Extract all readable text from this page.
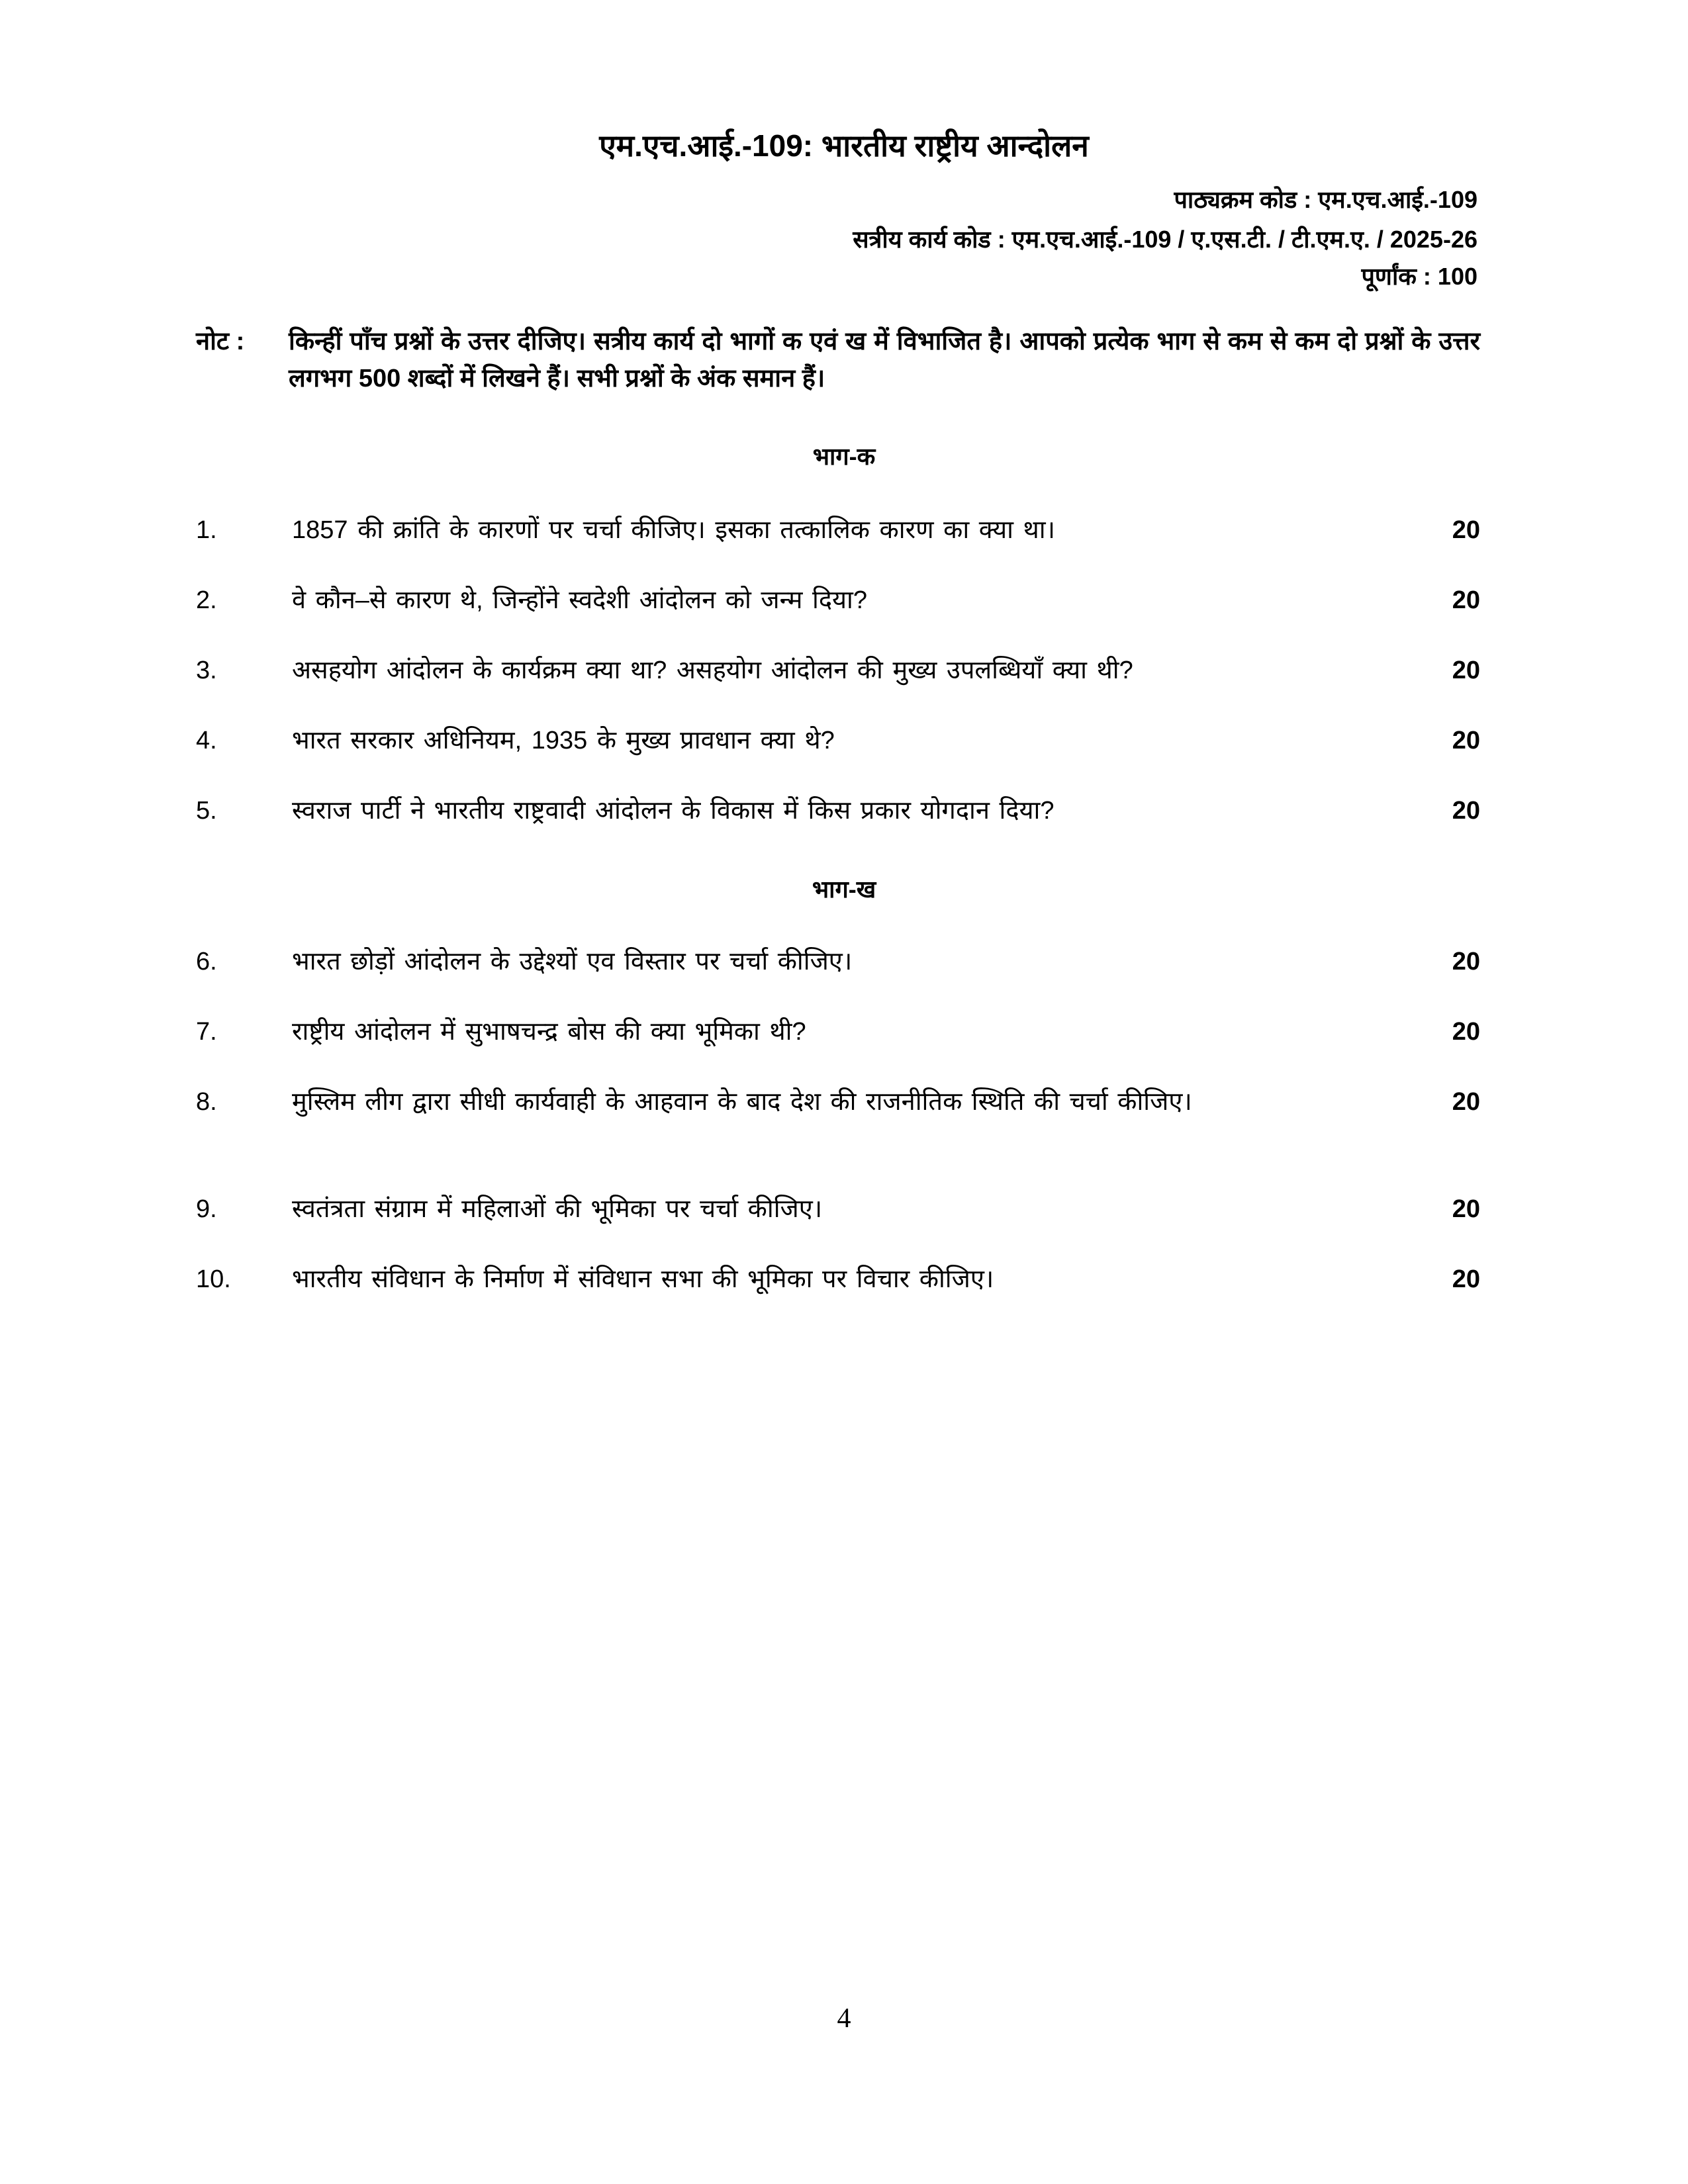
एम.एच.आई.-109: भारतीय राष्ट्रीय आन्दोलन
पाठ्यक्रम कोड : एम.एच.आई.-109
सत्रीय कार्य कोड : एम.एच.आई.-109 / ए.एस.टी. / टी.एम.ए. / 2025-26
पूर्णांक : 100
नोट :	किन्हीं पाँच प्रश्नों के उत्तर दीजिए। सत्रीय कार्य दो भागों क एवं ख में विभाजित है। आपको प्रत्येक भाग से कम से कम दो प्रश्नों के उत्तर लगभग 500 शब्दों में लिखने हैं। सभी प्रश्नों के अंक समान हैं।
भाग-क
1.	1857 की क्रांति के कारणों पर चर्चा कीजिए। इसका तत्कालिक कारण का क्या था।	20
2.	वे कौन–से कारण थे, जिन्होंने स्वदेशी आंदोलन को जन्म दिया?	20
3.	असहयोग आंदोलन के कार्यक्रम क्या था? असहयोग आंदोलन की मुख्य उपलब्धियाँ क्या थी?	20
4.	भारत सरकार अधिनियम, 1935 के मुख्य प्रावधान क्या थे?	20
5.	स्वराज पार्टी ने भारतीय राष्ट्रवादी आंदोलन के विकास में किस प्रकार योगदान दिया?	20
भाग-ख
6.	भारत छोड़ों आंदोलन के उद्देश्यों एव विस्तार पर चर्चा कीजिए।	20
7.	राष्ट्रीय आंदोलन में सुभाषचन्द्र बोस की क्या भूमिका थी?	20
8.	मुस्लिम लीग द्वारा सीधी कार्यवाही के आहवान के बाद देश की राजनीतिक स्थिति की चर्चा कीजिए।	20
9.	स्वतंत्रता संग्राम में महिलाओं की भूमिका पर चर्चा कीजिए।	20
10.	भारतीय संविधान के निर्माण में संविधान सभा की भूमिका पर विचार कीजिए।	20
4
